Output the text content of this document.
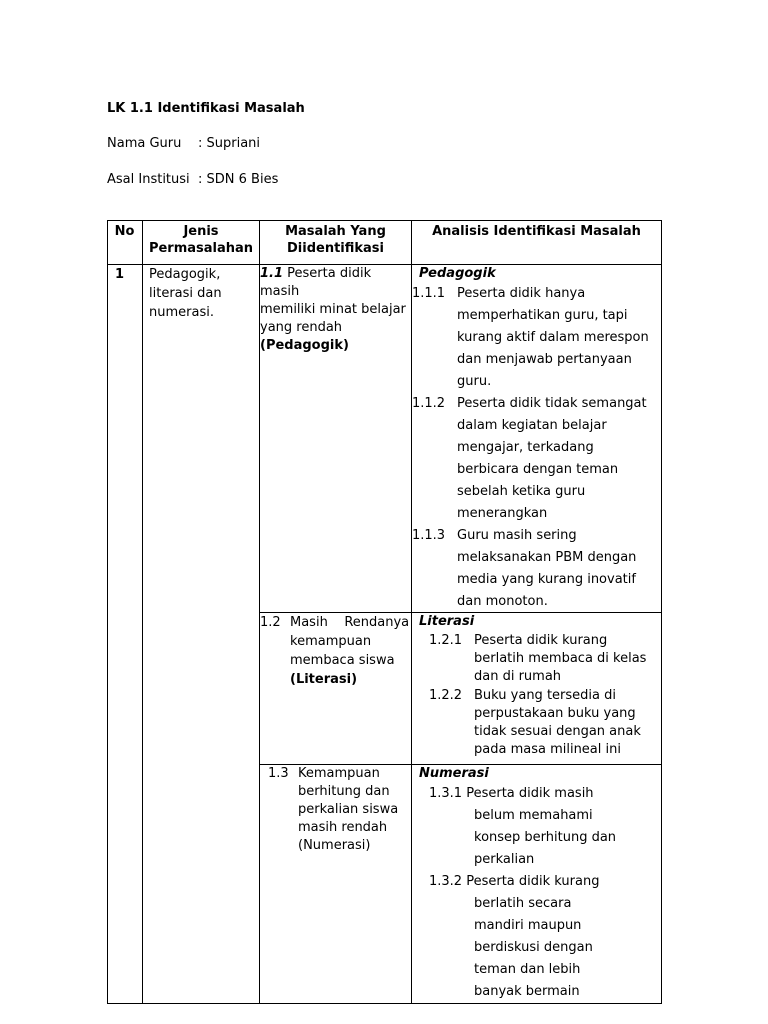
LK 1.1 Identifikasi Masalah
Nama Guru : Supriani
Asal Institusi : SDN 6 Bies
No	Jenis
Permasalahan
Masalah Yang
Diidentifikasi
Analisis Identifikasi Masalah
1 Pedagogik,
literasi dan
numerasi.
1.1 Peserta didik masih
memiliki minat belajar
yang rendah
(Pedagogik)
1.2 Masih    Rendanya
kemampuan
membaca siswa
(Literasi)
1.3 Kemampuan
berhitung dan
perkalian siswa
masih rendah
(Numerasi)
Pedagogik
1.1.1 Peserta didik hanya
memperhatikan guru, tapi
kurang aktif dalam merespon
dan menjawab pertanyaan
guru.
1.1.2 Peserta didik tidak semangat
dalam kegiatan belajar
mengajar, terkadang
berbicara dengan teman
sebelah ketika guru
menerangkan
1.1.3 Guru masih sering
melaksanakan PBM dengan
media yang kurang inovatif
dan monoton.
Literasi
1.2.1 Peserta didik kurang
berlatih membaca di kelas
dan di rumah
1.2.2 Buku yang tersedia di
perpustakaan buku yang
tidak sesuai dengan anak
pada masa milineal ini
Numerasi
1.3.1 Peserta didik masih
belum memahami
konsep berhitung dan
perkalian
1.3.2 Peserta didik kurang
berlatih secara
mandiri maupun
berdiskusi dengan
teman dan lebih
banyak bermain
